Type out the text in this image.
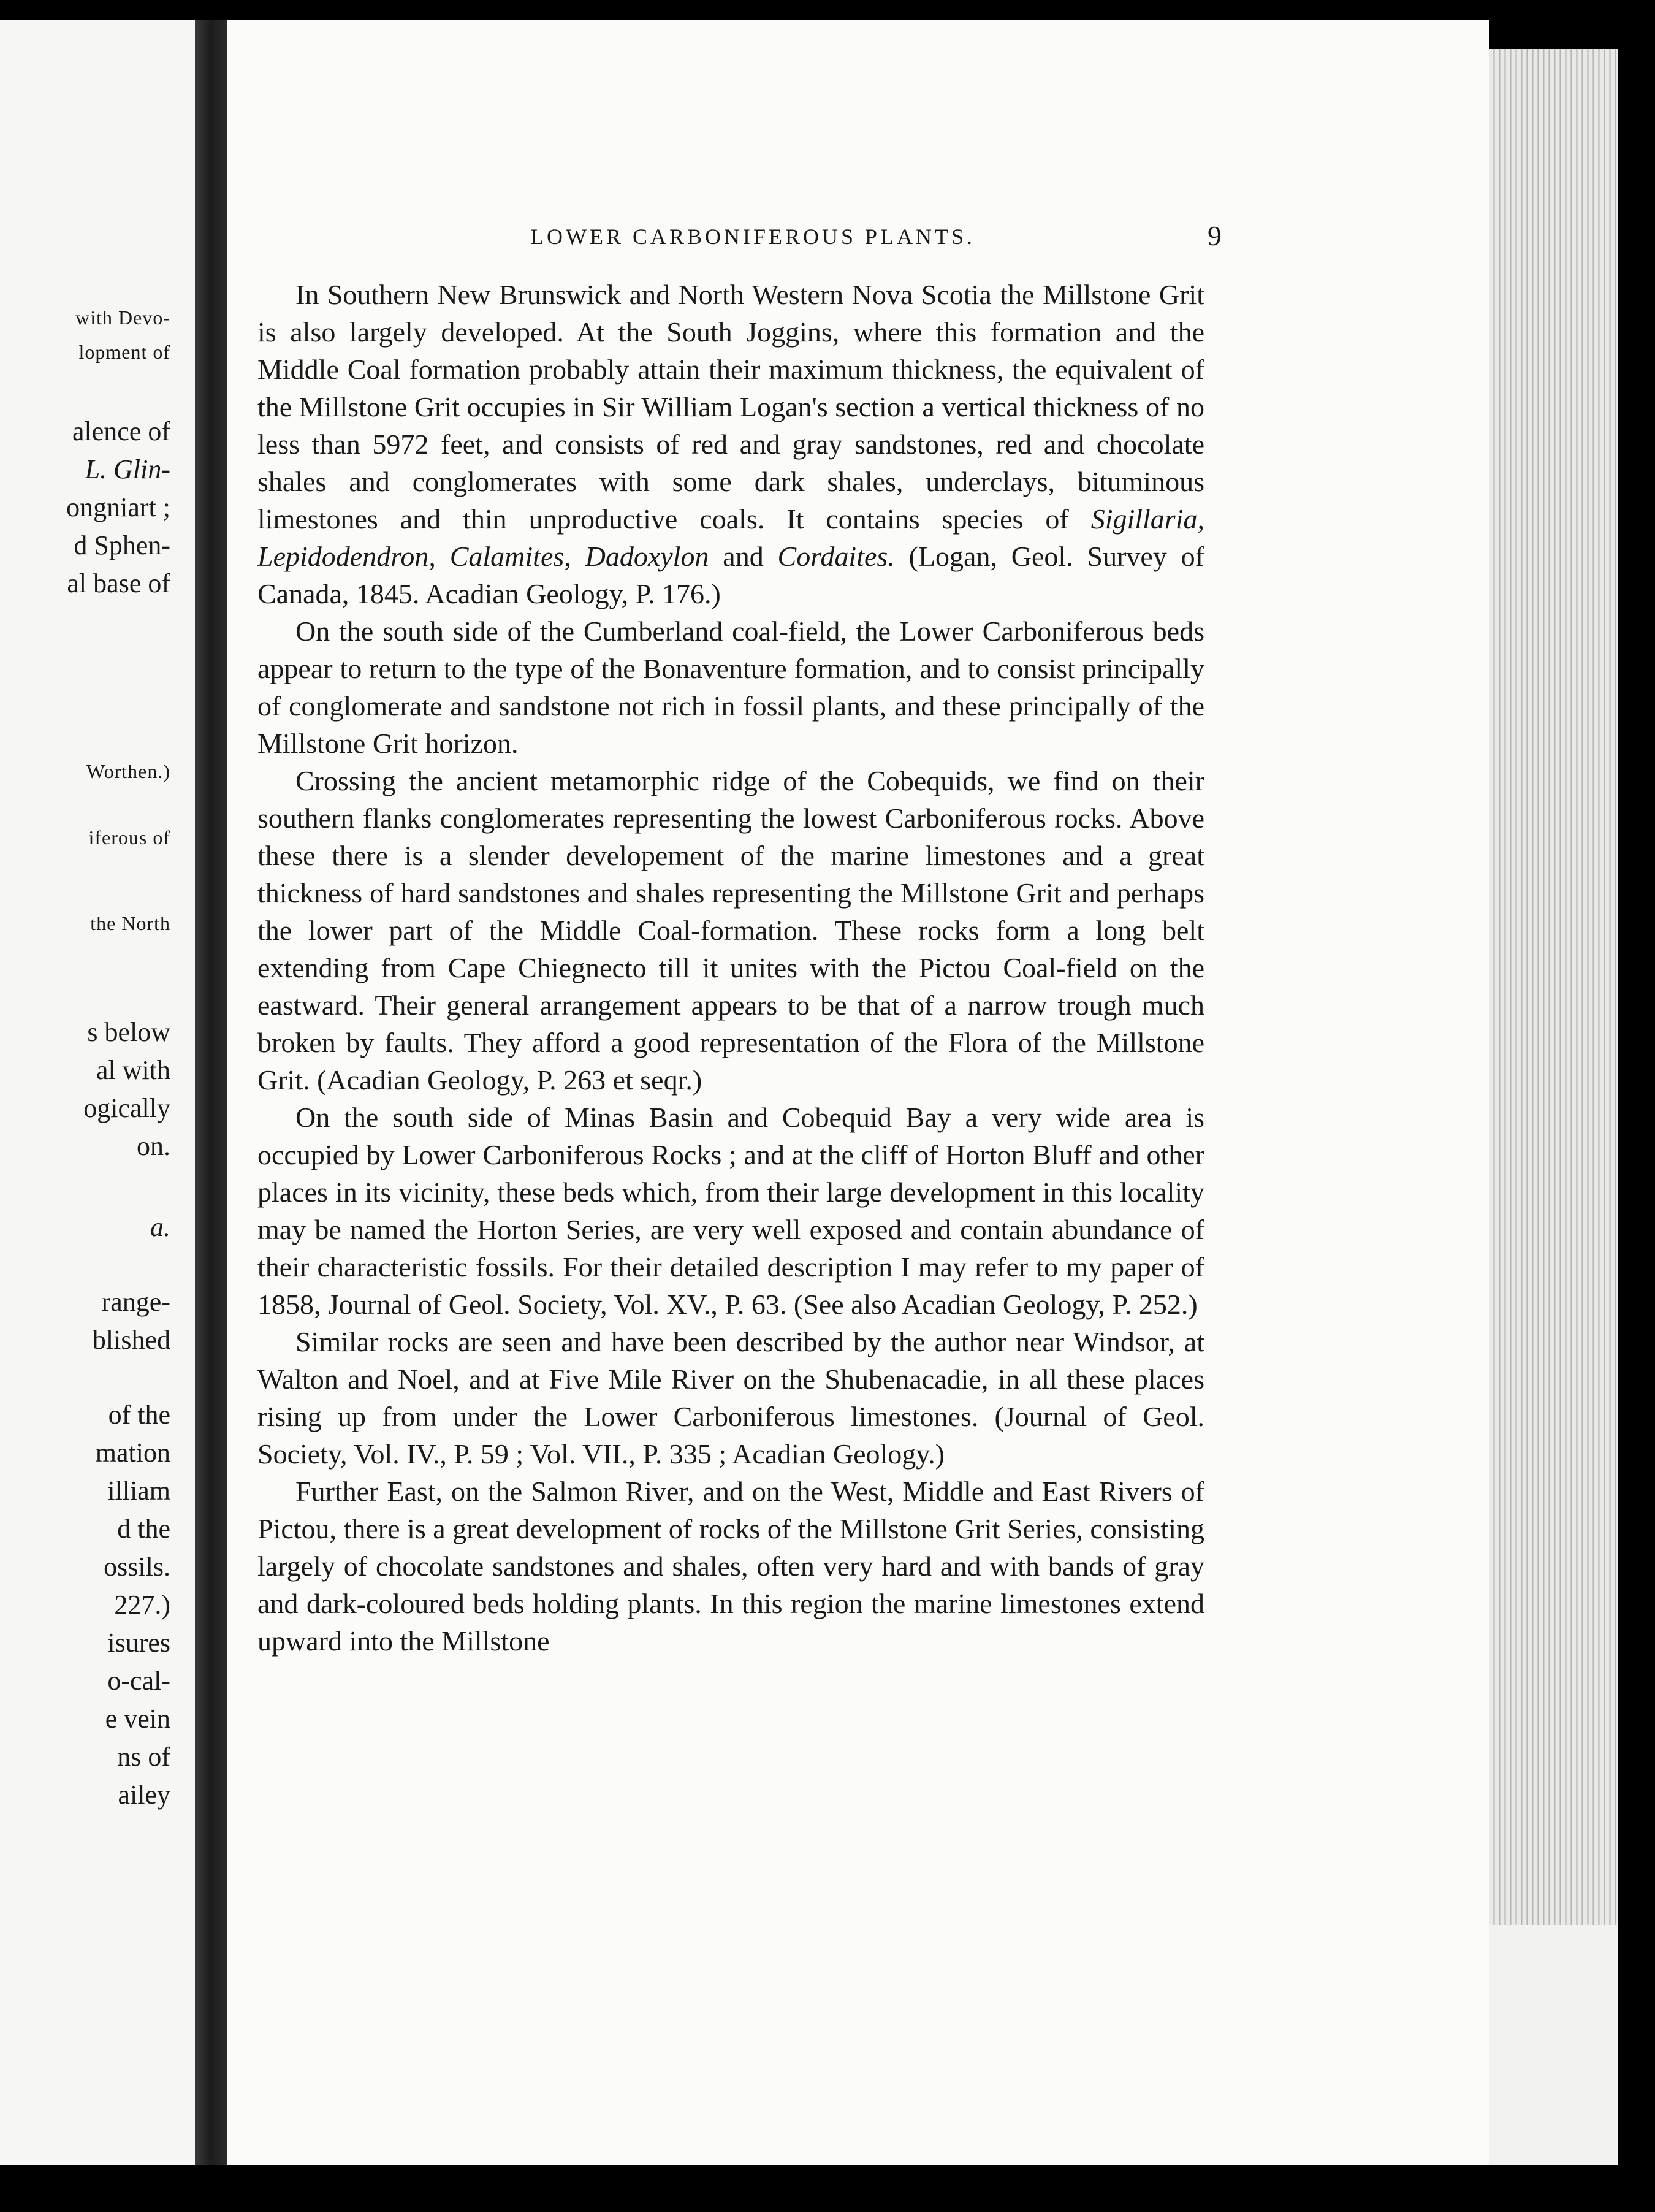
with Devo-
lopment of
alence of
L. Glin-
ongniart ;
d Sphen-
al base of
Worthen.)
iferous of
the North
s below
al with
ogically
on.
a.
range-
blished
of the
mation
illiam
d the
ossils.
227.)
isures
o-cal-
e vein
ns of
ailey
LOWER CARBONIFEROUS PLANTS.	9

In Southern New Brunswick and North Western Nova Scotia the Millstone Grit is also largely developed. At the South Joggins, where this formation and the Middle Coal formation probably attain their maximum thickness, the equivalent of the Millstone Grit occupies in Sir William Logan's section a vertical thickness of no less than 5972 feet, and consists of red and gray sandstones, red and chocolate shales and conglomerates with some dark shales, underclays, bituminous limestones and thin unproductive coals. It contains species of Sigillaria, Lepidodendron, Calamites, Dadoxylon and Cordaites. (Logan, Geol. Survey of Canada, 1845. Acadian Geology, P. 176.)

On the south side of the Cumberland coal-field, the Lower Carboniferous beds appear to return to the type of the Bonaventure formation, and to consist principally of conglomerate and sandstone not rich in fossil plants, and these principally of the Millstone Grit horizon.

Crossing the ancient metamorphic ridge of the Cobequids, we find on their southern flanks conglomerates representing the lowest Carboniferous rocks. Above these there is a slender developement of the marine limestones and a great thickness of hard sandstones and shales representing the Millstone Grit and perhaps the lower part of the Middle Coal-formation. These rocks form a long belt extending from Cape Chiegnecto till it unites with the Pictou Coal-field on the eastward. Their general arrangement appears to be that of a narrow trough much broken by faults. They afford a good representation of the Flora of the Millstone Grit. (Acadian Geology, P. 263 et seqr.)

On the south side of Minas Basin and Cobequid Bay a very wide area is occupied by Lower Carboniferous Rocks ; and at the cliff of Horton Bluff and other places in its vicinity, these beds which, from their large development in this locality may be named the Horton Series, are very well exposed and contain abundance of their characteristic fossils. For their detailed description I may refer to my paper of 1858, Journal of Geol. Society, Vol. XV., P. 63. (See also Acadian Geology, P. 252.)

Similar rocks are seen and have been described by the author near Windsor, at Walton and Noel, and at Five Mile River on the Shubenacadie, in all these places rising up from under the Lower Carboniferous limestones. (Journal of Geol. Society, Vol. IV., P. 59 ; Vol. VII., P. 335 ; Acadian Geology.)

Further East, on the Salmon River, and on the West, Middle and East Rivers of Pictou, there is a great development of rocks of the Millstone Grit Series, consisting largely of chocolate sandstones and shales, often very hard and with bands of gray and dark-coloured beds holding plants. In this region the marine limestones extend upward into the Millstone
